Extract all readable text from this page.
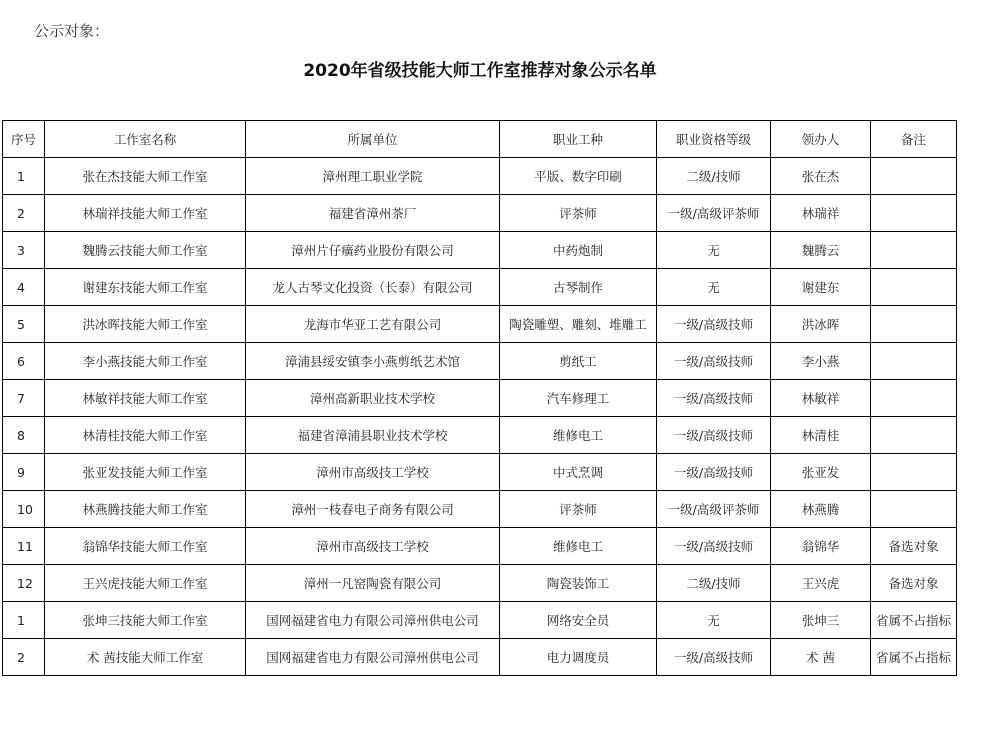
公示对象：
2020年省级技能大师工作室推荐对象公示名单
序号	工作室名称	所属单位	职业工种	职业资格等级	领办人	备注
1	张在杰技能大师工作室	漳州理工职业学院	平版、数字印刷	二级/技师	张在杰	
2	林瑞祥技能大师工作室	福建省漳州茶厂	评茶师	一级/高级评茶师	林瑞祥	
3	魏腾云技能大师工作室	漳州片仔癀药业股份有限公司	中药炮制	无	魏腾云	
4	谢建东技能大师工作室	龙人古琴文化投资（长泰）有限公司	古琴制作	无	谢建东	
5	洪冰晖技能大师工作室	龙海市华亚工艺有限公司	陶瓷雕塑、雕刻、堆雕工	一级/高级技师	洪冰晖	
6	李小燕技能大师工作室	漳浦县绥安镇李小燕剪纸艺术馆	剪纸工	一级/高级技师	李小燕	
7	林敏祥技能大师工作室	漳州高新职业技术学校	汽车修理工	一级/高级技师	林敏祥	
8	林清桂技能大师工作室	福建省漳浦县职业技术学校	维修电工	一级/高级技师	林清桂	
9	张亚发技能大师工作室	漳州市高级技工学校	中式烹调	一级/高级技师	张亚发	
10	林燕腾技能大师工作室	漳州一枝春电子商务有限公司	评茶师	一级/高级评茶师	林燕腾	
11	翁锦华技能大师工作室	漳州市高级技工学校	维修电工	一级/高级技师	翁锦华	备选对象
12	王兴虎技能大师工作室	漳州一凡窑陶瓷有限公司	陶瓷装饰工	二级/技师	王兴虎	备选对象
1	张坤三技能大师工作室	国网福建省电力有限公司漳州供电公司	网络安全员	无	张坤三	省属不占指标
2	术 茜技能大师工作室	国网福建省电力有限公司漳州供电公司	电力调度员	一级/高级技师	术 茜	省属不占指标
